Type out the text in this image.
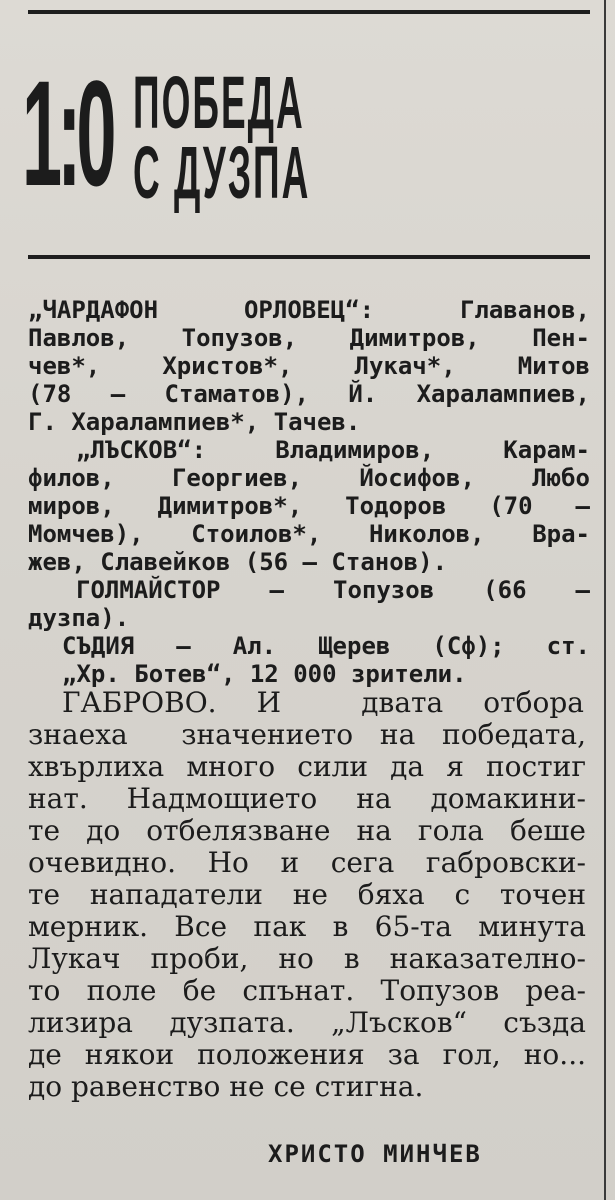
1:0 ПОБЕДА
С ДУЗПА
„ЧАРДАФОН ОРЛОВЕЦ“: Главанов,
Павлов, Топузов, Димитров, Пен-
чев*, Христов*, Лукач*, Митов
(78 — Стаматов), Й. Харалампиев,
Г. Харалампиев*, Тачев.
„ЛЪСКОВ“: Владимиров, Карам-
филов, Георгиев, Йосифов, Любо
миров, Димитров*, Тодоров (70 —
Момчев), Стоилов*, Николов, Вра-
жев, Славейков (56 — Станов).
ГОЛМАЙСТОР — Топузов (66 —
дузпа).
СЪДИЯ — Ал. Щерев (Сф); ст.
„Хр. Ботев“, 12 000 зрители.
ГАБРОВО. И  двата отбора
знаеха  значението на победата,
хвърлиха много сили да я постиг
нат. Надмощието на домакини-
те до отбелязване на гола беше
очевидно. Но и сега габровски-
те нападатели не бяха с точен
мерник. Все пак в 65-та минута
Лукач проби, но в наказателно-
то поле бе спънат. Топузов реа-
лизира дузпата. „Лъсков“ създа
де някои положения за гол, но...
до равенство не се стигна.
ХРИСТО МИНЧЕВ
